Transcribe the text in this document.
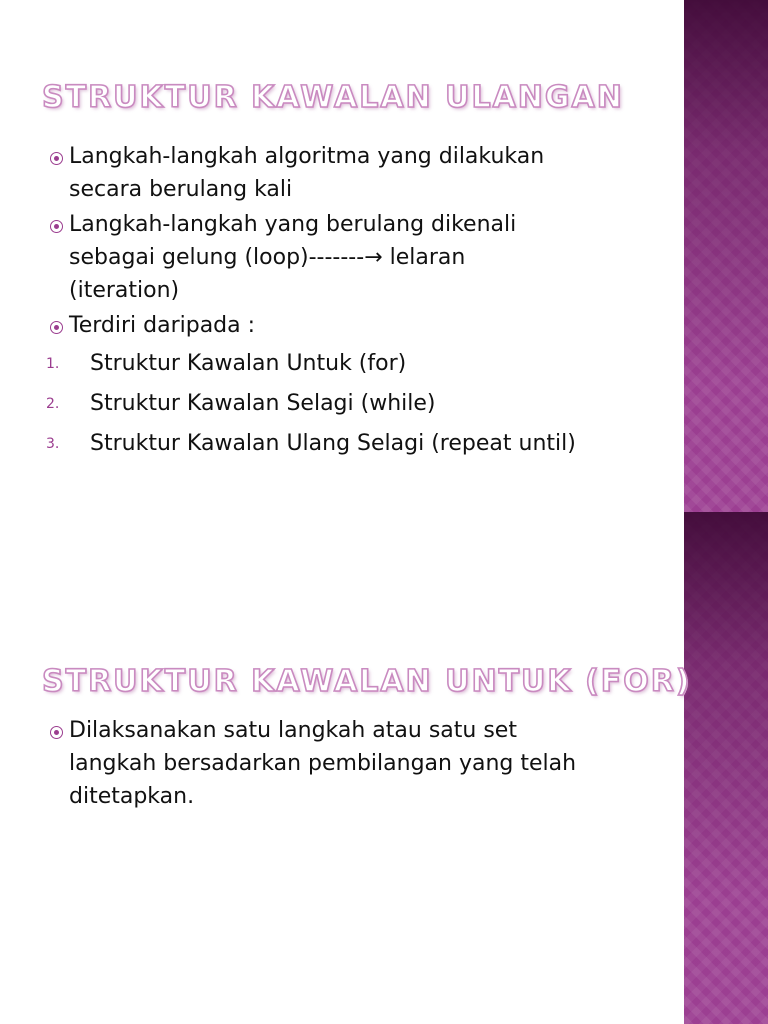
STRUKTUR KAWALAN ULANGAN
Langkah-langkah algoritma yang dilakukan
secara berulang kali
Langkah-langkah yang berulang dikenali
sebagai gelung (loop)-------→ lelaran
(iteration)
Terdiri daripada :
1. Struktur Kawalan Untuk (for)
2. Struktur Kawalan Selagi (while)
3. Struktur Kawalan Ulang Selagi (repeat until)
STRUKTUR KAWALAN UNTUK (FOR)
Dilaksanakan satu langkah atau satu set
langkah bersadarkan pembilangan yang telah
ditetapkan.
